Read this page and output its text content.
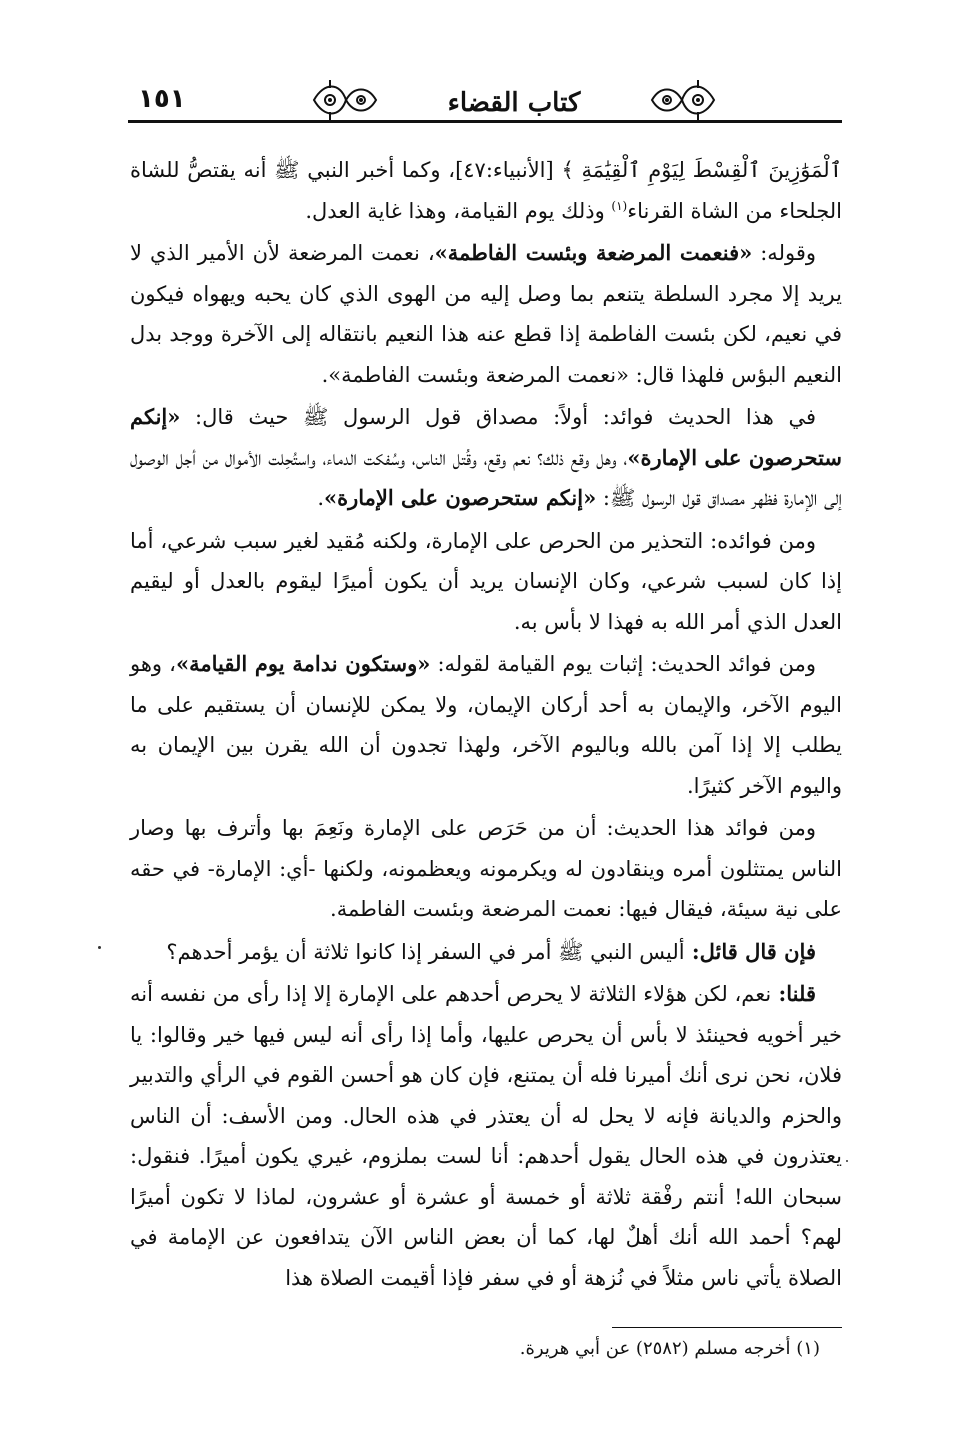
١٥١	كتاب القضاء

ٱلْمَوَٰزِينَ ٱلْقِسْطَ لِيَوْمِ ٱلْقِيَٰمَةِ ﴾ [الأنبياء:٤٧]، وكما أخبر النبي ﷺ أنه يقتصُّ للشاة الجلحاء من الشاة القرناء$^{(١)}$ وذلك يوم القيامة، وهذا غاية العدل.

وقوله: «فنعمت المرضعة وبئست الفاطمة»، نعمت المرضعة لأن الأمير الذي لا يريد إلا مجرد السلطة يتنعم بما وصل إليه من الهوى الذي كان يحبه ويهواه فيكون في نعيم، لكن بئست الفاطمة إذا قطع عنه هذا النعيم بانتقاله إلى الآخرة ووجد بدل النعيم البؤس فلهذا قال: «نعمت المرضعة وبئست الفاطمة».

في هذا الحديث فوائد: أولاً: مصداق قول الرسول ﷺ حيث قال: «إنكم ستحرصون على الإمارة»، وهل وقع ذلك؟ نعم وقع، وقُتل الناس، وسُفكت الدماء، واستُحِلت الأموال من أجل الوصول إلى الإمارة فظهر مصداق قول الرسول ﷺ: «إنكم ستحرصون على الإمارة».

ومن فوائده: التحذير من الحرص على الإمارة، ولكنه مُقيد لغير سبب شرعي، أما إذا كان لسبب شرعي، وكان الإنسان يريد أن يكون أميرًا ليقوم بالعدل أو ليقيم العدل الذي أمر الله به فهذا لا بأس به.

ومن فوائد الحديث: إثبات يوم القيامة لقوله: «وستكون ندامة يوم القيامة»، وهو اليوم الآخر، والإيمان به أحد أركان الإيمان، ولا يمكن للإنسان أن يستقيم على ما يطلب إلا إذا آمن بالله وباليوم الآخر، ولهذا تجدون أن الله يقرن بين الإيمان به واليوم الآخر كثيرًا.

ومن فوائد هذا الحديث: أن من حَرَص على الإمارة ونَعِمَ بها وأترف بها وصار الناس يمتثلون أمره وينقادون له ويكرمونه ويعظمونه، ولكنها -أي: الإمارة- في حقه على نية سيئة، فيقال فيها: نعمت المرضعة وبئست الفاطمة.

فإن قال قائل: أليس النبي ﷺ أمر في السفر إذا كانوا ثلاثة أن يؤمر أحدهم؟

قلنا: نعم، لكن هؤلاء الثلاثة لا يحرص أحدهم على الإمارة إلا إذا رأى من نفسه أنه خير أخويه فحينئذ لا بأس أن يحرص عليها، وأما إذا رأى أنه ليس فيها خير وقالوا: يا فلان، نحن نرى أنك أميرنا فله أن يمتنع، فإن كان هو أحسن القوم في الرأي والتدبير والحزم والديانة فإنه لا يحل له أن يعتذر في هذه الحال. ومن الأسف: أن الناس يعتذرون في هذه الحال يقول أحدهم: أنا لست بملزوم، غيري يكون أميرًا. فنقول: سبحان الله! أنتم رفْقة ثلاثة أو خمسة أو عشرة أو عشرون، لماذا لا تكون أميرًا لهم؟ أحمد الله أنك أهلٌ لها، كما أن بعض الناس الآن يتدافعون عن الإمامة في الصلاة يأتي ناس مثلاً في نُزهة أو في سفر فإذا أقيمت الصلاة هذا

(١) أخرجه مسلم (٢٥٨٢) عن أبي هريرة.
